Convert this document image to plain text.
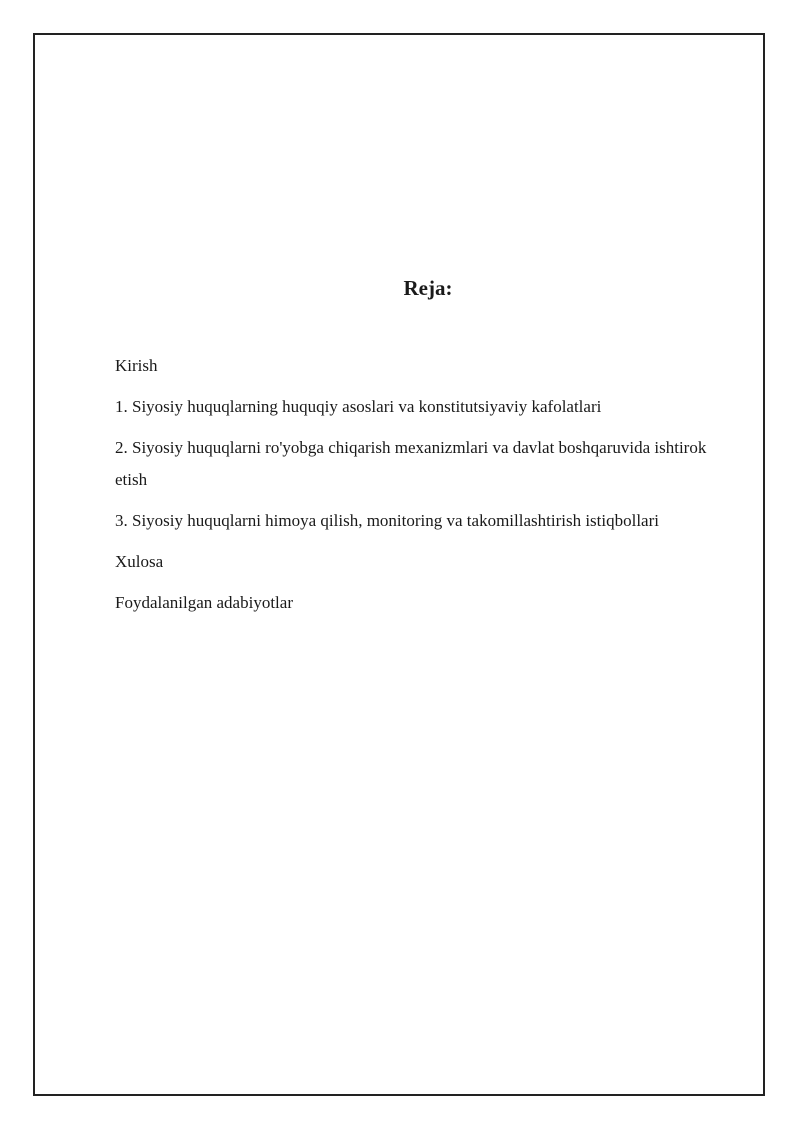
Reja:
Kirish
1. Siyosiy huquqlarning huquqiy asoslari va konstitutsiyaviy kafolatlari
2. Siyosiy huquqlarni ro'yobga chiqarish mexanizmlari va davlat boshqaruvida ishtirok etish
3. Siyosiy huquqlarni himoya qilish, monitoring va takomillashtirish istiqbollari
Xulosa
Foydalanilgan adabiyotlar
